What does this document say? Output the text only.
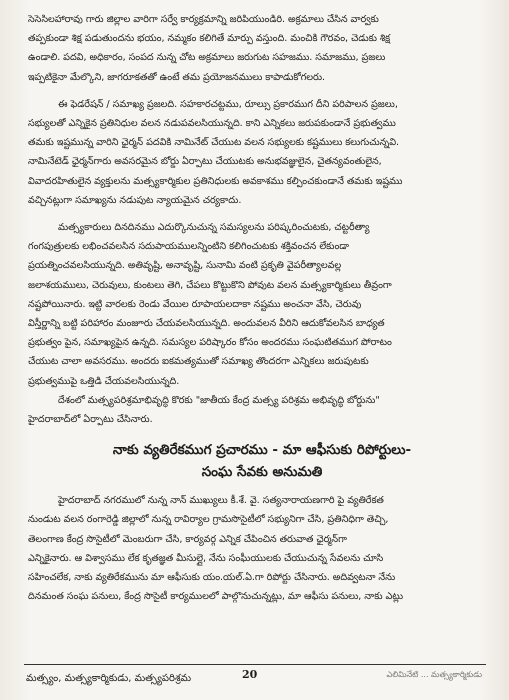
సెసెసిలహారావు గారు జిల్లాల వారిగా సర్వే కార్యక్రమాన్ని జరిపియుండిరి. అక్రమాలు చేసిన వార్వకు

తప్పకుండా శిక్ష పడుతుందను భయం, నమ్మకం కలిగితే మార్పు వస్తుంది. మంచికి గౌరవం, చెడుకు శిక్ష

ఉండాలి. పదవి, అధికారం, సంపద నున్న చోట అక్రమాలు జరుగుట సహజము. సమాజము, ప్రజలు

ఇప్పటికైనా మేల్కొని, జాగరూకతతో ఉంటే తమ ప్రయోజనములు కాపాడుకోగలరు.

ఈ ఫెడరేషన్ / సమాఖ్య ప్రజలది. సహకారచట్టము, రూల్సు ప్రకారముగ దీని పరిపాలన ప్రజలు,

సభ్యులతో ఎన్నికైన ప్రతినిధుల వలన నడుపవలసియున్నది. కాని ఎన్నికలు జరుపకుండానే ప్రభుత్వము

తమకు ఇష్టమున్న వారిని ఛైర్మన్ పదవికి నామినేట్ చేయుట వలన సభ్యులకు కష్టములు కలుగుచున్నవి.

నామినేటెడ్ ఛైర్మన్‌గారు అవసరమైన బోర్డు ఏర్పాటు చేయుటకు అనుభవజ్ఞులైన, చైతన్యవంతులైన,

వివాదరహితులైన వ్యక్తులను మత్స్యకార్మికుల ప్రతినిధులకు అవకాశము కల్పించకుండానే తమకు ఇష్టము

వచ్చినట్లుగా సమాఖ్యను నడుపుట న్యాయమైన చర్యకాదు.

మత్స్యకారులు దినదినము ఎదుర్కొనుచున్న సమస్యలను పరిష్కరించుటకు, చట్టరీత్యా

గంగపుత్రులకు లభించవలసిన సదుపాయములన్నింటిని కలిగించుటకు శక్తివంచన లేకుండా

ప్రయత్నించవలసియున్నది. అతివృష్టి, అనావృష్టి, సునామి వంటి ప్రకృతి వైపరీత్యాలవల్ల

జలాశయములు, చెరువులు, కుంటలు తెగి, చేపలు కొట్టుకొని పోవుట వలన మత్స్యకార్మికులు తీవ్రంగా

నష్టపోయినారు. ఇట్టి వారలకు రెండు వేయిల రూపాయలదాకా నష్టము అంచనా వేసి, చెరువు

విస్తీర్ణాన్ని బట్టి పరిహారం మంజూరు చేయవలసియున్నది. అందువలన వీరిని ఆదుకోవలసిన బాధ్యత

ప్రభుత్వం పైన, సమాఖ్యపైన ఉన్నది. సమస్యల పరిష్కారం కోసం అందరము సంఘటితముగ పోరాటం

చేయుట చాలా అవసరము. అందరు ఐకమత్యముతో సమాఖ్య తొందరగా ఎన్నికలు జరుపుటకు

ప్రభుత్వముపై ఒత్తిడి చేయవలసియున్నది.

దేశంలో మత్స్యపరిశ్రమాభివృద్ధి కొరకు "జాతీయ కేంద్ర మత్స్య పరిశ్రమ అభివృద్ధి బోర్డును"

హైదరాబాద్‌లో ఏర్పాటు చేసినారు.

నాకు వ్యతిరేకముగ ప్రచారము - మా ఆఫీసుకు రిపోర్టులు-
సంఘ సేవకు అనుమతి

హైదరాబాద్ నగరములో నున్న నాన్ ముఖ్యులు కీ.శే. వై. సత్యనారాయణగారి పై వ్యతిరేకత

నుండుట వలన రంగారెడ్డి జిల్లాలో నున్న రావిర్యాల గ్రామసొసైటీలో సభ్యునిగా చేసి, ప్రతినిధిగా తెచ్చి,

తెలంగాణ కేంద్ర సొసైటీలో మెంబరుగా చేసి, కార్యవర్గ ఎన్నిక చేపించిన తరువాత ఛైర్మన్‌గా

ఎన్నికైనారు. ఆ విశ్వాసము లేక కృతజ్ఞత మీసుల్లై, నేను సంఘీయులకు చేయుచున్న సేవలను చూసి

సహించలేక, నాకు వ్యతిరేకమును మా ఆఫీసుకు యం.యల్.ఏ.గా రిపోర్టు చేసినారు. అదివ్వటనా నేను

దినమంత సంఘ పనులు, కేంద్ర సొసైటీ కార్యములలో పాల్గొనుచున్నట్లు, మా ఆఫీసు పనులు, నాకు ఎట్లు

మత్స్యం, మత్స్యకార్మికుడు, మత్స్యపరిశ్రమ	20	ఎలిమినేటి ... మత్స్యకార్మికుడు
